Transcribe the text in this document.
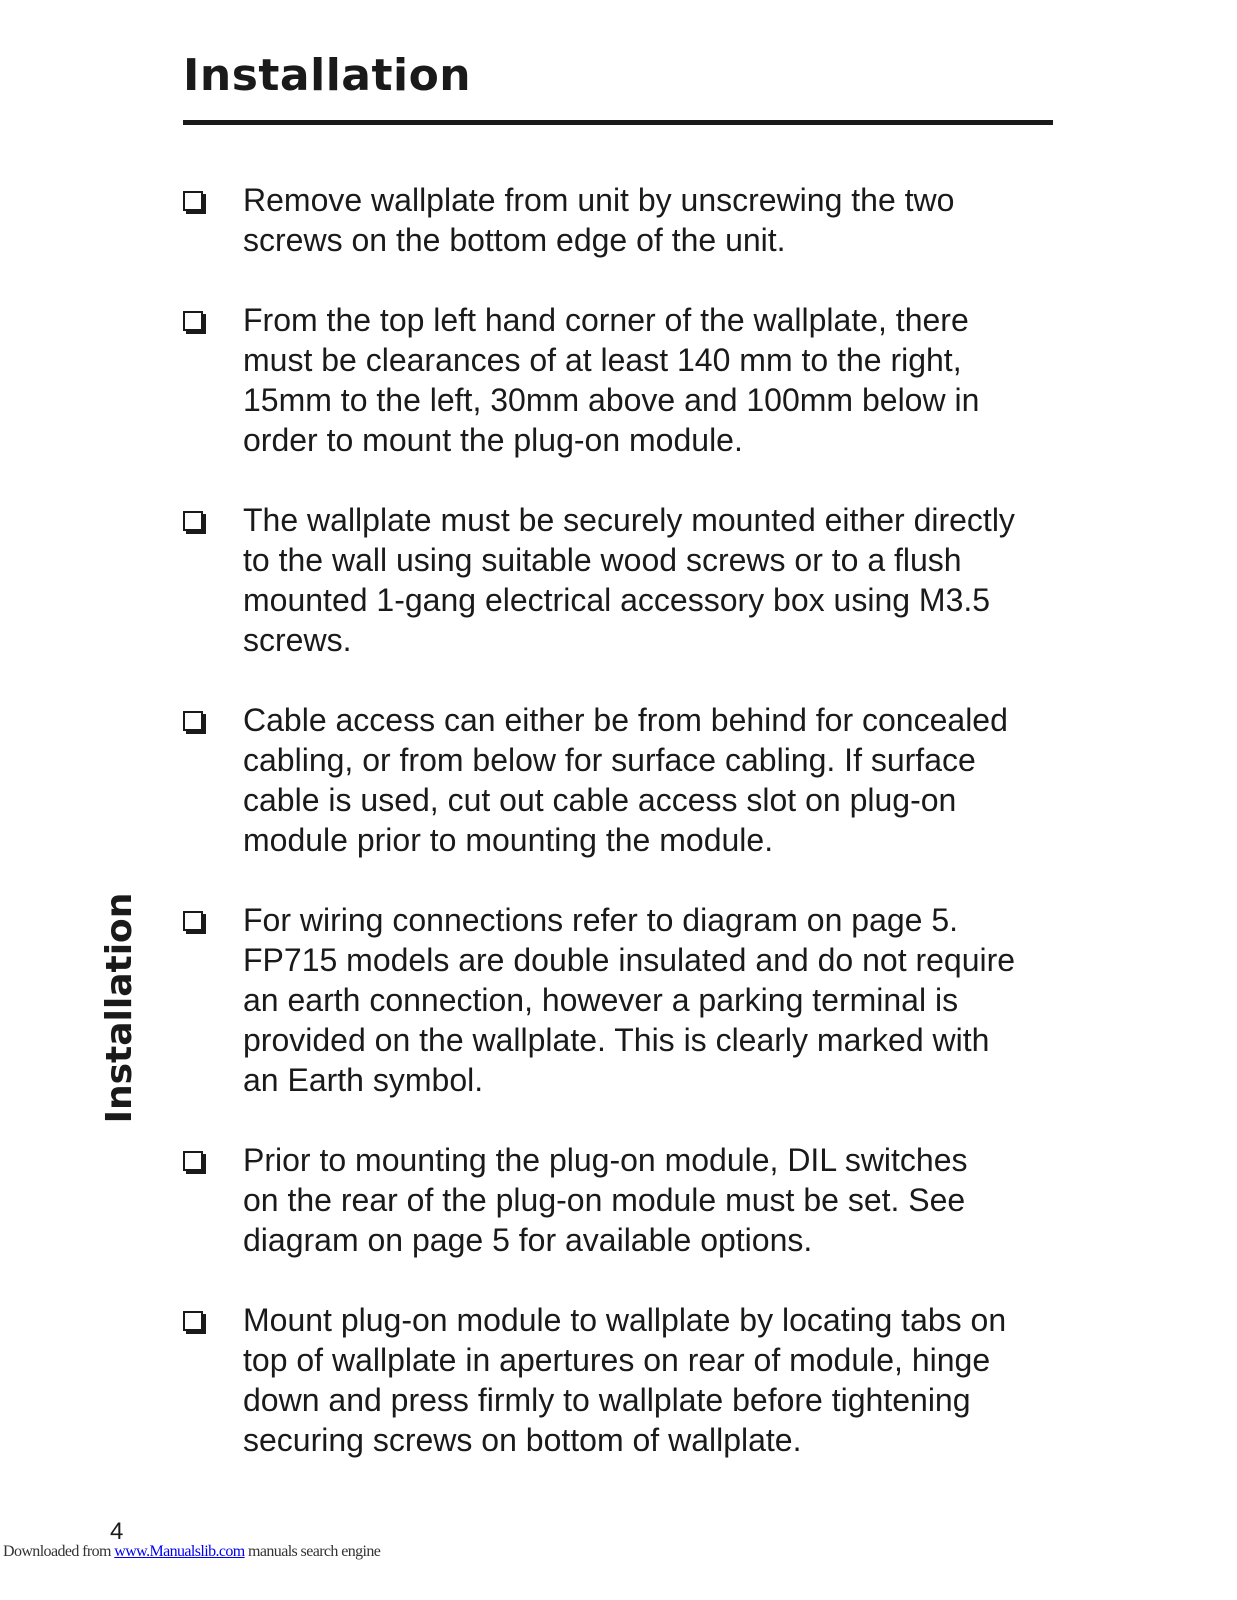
Installation
Remove wallplate from unit by unscrewing the two
screws on the bottom edge of the unit.
From the top left hand corner of the wallplate, there
must be clearances of at least 140 mm to the right,
15mm to the left, 30mm above and 100mm below in
order to mount the plug-on module.
The wallplate must be securely mounted either directly
to the wall using suitable wood screws or to a flush
mounted 1-gang electrical accessory box using M3.5
screws.
Cable access can either be from behind for concealed
cabling, or from below for surface cabling. If surface
cable is used, cut out cable access slot on plug-on
module prior to mounting the module.
For wiring connections refer to diagram on page 5.
FP715 models are double insulated and do not require
an earth connection, however a parking terminal is
provided on the wallplate. This is clearly marked with
an Earth symbol.
Prior to mounting the plug-on module, DIL switches
on the rear of the plug-on module must be set. See
diagram on page 5 for available options.
Mount plug-on module to wallplate by locating tabs on
top of wallplate in apertures on rear of module, hinge
down and press firmly to wallplate before tightening
securing screws on bottom of wallplate.
Installation
4
Downloaded from www.Manualslib.com manuals search engine
